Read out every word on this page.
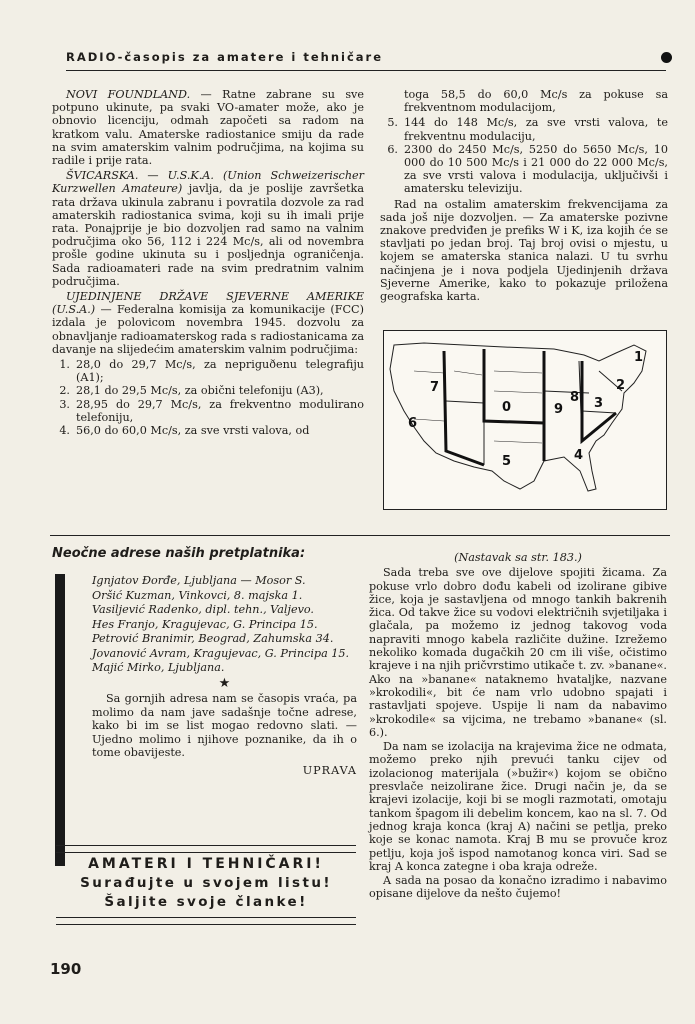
RADIO-časopis za amatere i tehničare

NOVI FOUNDLAND. — Ratne zabrane su sve potpuno ukinute, pa svaki VO-amater može, ako je obnovio licenciju, odmah započeti sa radom na kratkom valu. Amaterske radiostanice smiju da rade na svim amaterskim valnim područjima, na kojima su radile i prije rata.

ŠVICARSKA. — U.S.K.A. (Union Schweizerischer Kurzwellen Amateure) javlja, da je poslije završetka rata država ukinula zabranu i povratila dozvole za rad amaterskih radiostanica svima, koji su ih imali prije rata. Ponajprije je bio dozvoljen rad samo na valnim područjima oko 56, 112 i 224 Mc/s, ali od novembra prošle godine ukinuta su i posljednja ograničenja. Sada radioamateri rade na svim predratnim valnim područjima.

UJEDINJENE DRŽAVE SJEVERNE AMERIKE (U.S.A.) — Federalna komisija za komunikacije (FCC) izdala je polovicom novembra 1945. dozvolu za obnavljanje radioamaterskog rada s radiostanicama za davanje na slijedećim amaterskim valnim područjima:

1. 28,0 do 29,7 Mc/s, za nepriguðenu telegrafiju (A1);
2. 28,1 do 29,5 Mc/s, za obični telefoniju (A3),
3. 28,95 do 29,7 Mc/s, za frekventno modulirano telefoniju,
4. 56,0 do 60,0 Mc/s, za sve vrsti valova, od

toga 58,5 do 60,0 Mc/s za pokuse sa frekventnom modulacijom,

5. 144 do 148 Mc/s, za sve vrsti valova, te frekventnu modulaciju,
6. 2300 do 2450 Mc/s, 5250 do 5650 Mc/s, 10 000 do 10 500 Mc/s i 21 000 do 22 000 Mc/s, za sve vrsti valova i modulacija, uključivši i amatersku televiziju.

Rad na ostalim amaterskim frekvencijama za sada još nije dozvoljen. — Za amaterske pozivne znakove predviđen je prefiks W i K, iza kojih će se stavljati po jedan broj. Taj broj ovisi o mjestu, u kojem se amaterska stanica nalazi. U tu svrhu načinjena je i nova podjela Ujedinjenih država Sjeverne Amerike, kako to pokazuje priložena geografska karta.

6
7
0
5
9
8 3
2
1
4
Neočne adrese naših pretplatnika:

Ignjatov Đorđe, Ljubljana — Mosor S.

Oršić Kuzman, Vinkovci, 8. majska 1.

Vasiljević Radenko, dipl. tehn., Valjevo.

Hes Franjo, Kragujevac, G. Principa 15.

Petrović Branimir, Beograd, Zahumska 34.

Jovanović Avram, Kragujevac, G. Principa 15.

Majić Mirko, Ljubljana.

★

Sa gornjih adresa nam se časopis vraća, pa molimo da nam jave sadašnje točne adrese, kako bi im se list mogao redovno slati. — Ujedno molimo i njihove poznanike, da ih o tome obavijeste.

UPRAVA
AMATERI I TEHNIČARI!
Surađujte u svojem listu!
Šaljite svoje članke!

(Nastavak sa str. 183.)

Sada treba sve ove dijelove spojiti žicama. Za pokuse vrlo dobro dođu kabeli od izolirane gibive žice, koja je sastavljena od mnogo tankih bakrenih žica. Od takve žice su vodovi električnih svjetiljaka i glačala, pa možemo iz jednog takovog voda napraviti mnogo kabela različite dužine. Izrežemo nekoliko komada dugačkih 20 cm ili više, očistimo kraјeve i na njih pričvrstimo utikače t. zv. »banane«. Ako na »banane« nataknemo hvataljke, nazvane »krokodili«, bit će nam vrlo udobno spajati i rastavljati spojeve. Uspije li nam da nabavimo »krokodile« sa vijcima, ne trebamo »banane« (sl. 6.).

Da nam se izolacija na krajevima žice ne odmata, možemo preko njih prevući tanku cijev od izolacionog materijala (»bužir«) kojom se obično presvlače neizolirane žice. Drugi način je, da se krajevi izolacije, koji bi se mogli razmotati, omotaju tankom špagom ili debelim koncem, kao na sl. 7. Od jednog kraja konca (kraj A) načini se petlja, preko koje se konac namota. Kraj B mu se provuče kroz petlju, koja još ispod namotanog konca viri. Sad se kraj A konca zategne i oba kraja odreže.

A sada na posao da konačno izradimo i nabavimo opisane dijelove da nešto čujemo!

190
